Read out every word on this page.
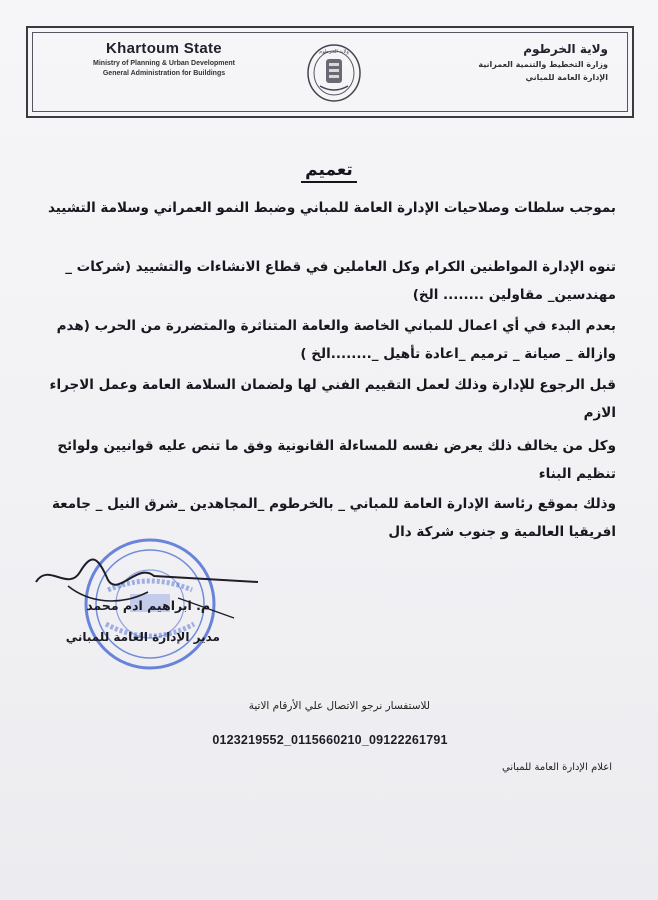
Khartoum State
Ministry of Planning & Urban Development
General Administration for Buildings
ولاية الخرطوم	ولاية الخرطوم
وزارة التخطيط والتنمية العمرانية
الإدارة العامة للمباني
تعميم
بموجب سلطات وصلاحيات الإدارة العامة للمباني وضبط النمو العمراني وسلامة التشييد
تنوه الإدارة المواطنين الكرام وكل العاملين في قطاع الانشاءات والتشييد (شركات _ مهندسين_ مقاولين ........ الخ)
بعدم البدء في أي اعمال للمباني الخاصة والعامة المتناثرة والمتضررة من الحرب (هدم وازالة _ صيانة _ ترميم _اعادة تأهيل _........الخ )
قبل الرجوع للإدارة وذلك لعمل التقييم الفني لها ولضمان السلامة العامة وعمل الاجراء الازم
وكل من يخالف ذلك يعرض نفسه للمساءلة القانونية وفق ما تنص عليه قوانيين ولوائح تنظيم البناء
وذلك بموقع رئاسة الإدارة العامة للمباني _ بالخرطوم _المجاهدين _شرق النيل _ جامعة افريقيا العالمية و جنوب شركة دال
م. ابراهيم ادم محمد
مدير الإدارة العامة للمباني
للاستفسار نرجو الاتصال علي الأرقام الاتية
0123219552_0115660210_09122261791
اعلام الإدارة العامة للمباني
